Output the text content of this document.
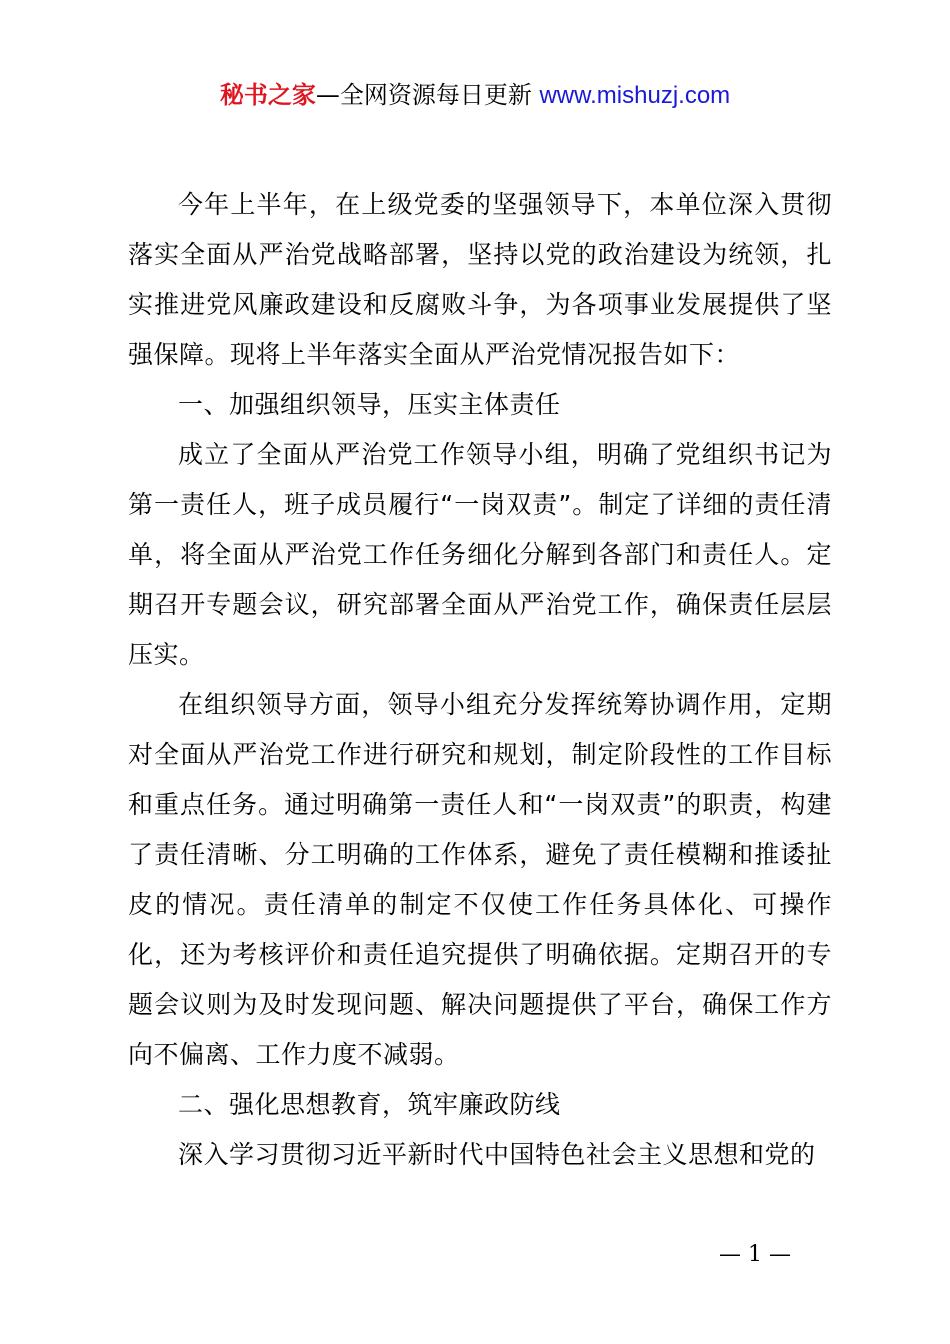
秘书之家—全网资源每日更新 www.mishuzj.com

今年上半年，在上级党委的坚强领导下，本单位深入贯彻落实全面从严治党战略部署，坚持以党的政治建设为统领，扎实推进党风廉政建设和反腐败斗争，为各项事业发展提供了坚强保障。现将上半年落实全面从严治党情况报告如下：

一、加强组织领导，压实主体责任

成立了全面从严治党工作领导小组，明确了党组织书记为第一责任人，班子成员履行“一岗双责”。制定了详细的责任清单，将全面从严治党工作任务细化分解到各部门和责任人。定期召开专题会议，研究部署全面从严治党工作，确保责任层层压实。

在组织领导方面，领导小组充分发挥统筹协调作用，定期对全面从严治党工作进行研究和规划，制定阶段性的工作目标和重点任务。通过明确第一责任人和“一岗双责”的职责，构建了责任清晰、分工明确的工作体系，避免了责任模糊和推诿扯皮的情况。责任清单的制定不仅使工作任务具体化、可操作化，还为考核评价和责任追究提供了明确依据。定期召开的专题会议则为及时发现问题、解决问题提供了平台，确保工作方向不偏离、工作力度不减弱。

二、强化思想教育，筑牢廉政防线

深入学习贯彻习近平新时代中国特色社会主义思想和党的

— 1 —
